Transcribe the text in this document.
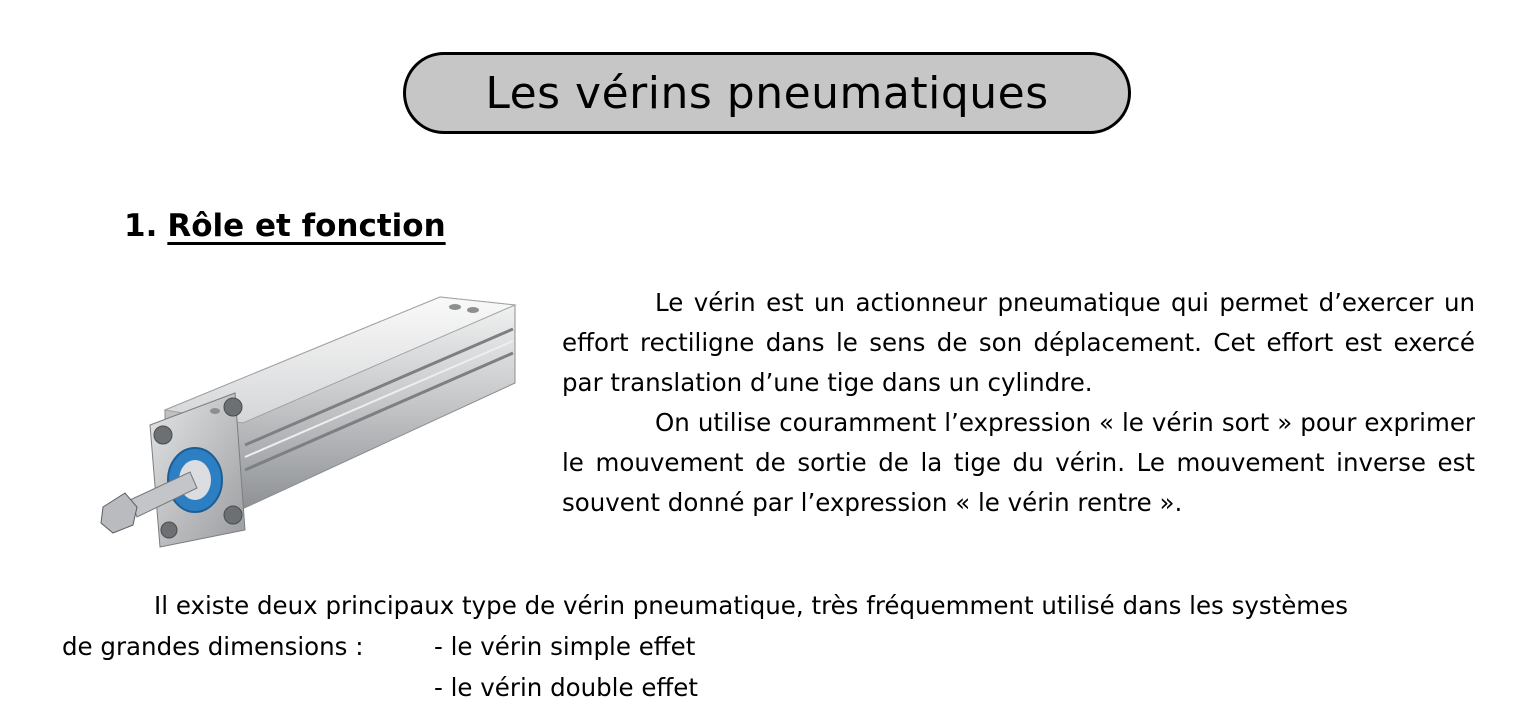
Les vérins pneumatiques
1. Rôle et fonction

Le vérin est un actionneur pneumatique qui permet d’exercer un effort rectiligne dans le sens de son déplacement. Cet effort est exercé par translation d’une tige dans un cylindre.

On utilise couramment l’expression « le vérin sort » pour exprimer le mouvement de sortie de la tige du vérin. Le mouvement inverse est souvent donné par l’expression « le vérin rentre ».

Il existe deux principaux type de vérin pneumatique, très fréquemment utilisé dans les systèmes
de grandes dimensions :	- le vérin simple effet
- le vérin double effet
